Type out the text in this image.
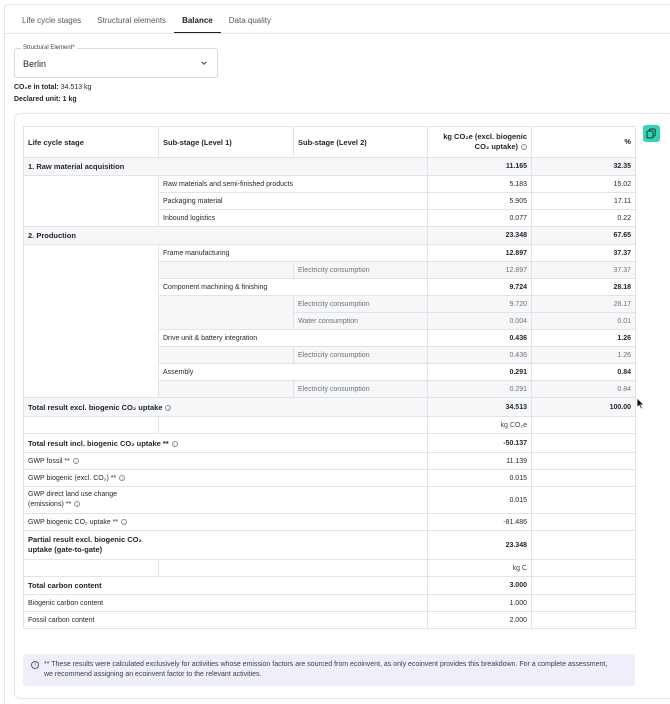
Life cycle stages	Structural elements	Balance	Data quality
Structural Element*
Berlin
CO₂e in total: 34.513 kg
Declared unit: 1 kg
Life cycle stage	Sub-stage (Level 1)	Sub-stage (Level 2)	kg CO₂e (excl. biogenic
CO₂ uptake) i	%
1. Raw material acquisition			11.165	32.35
	Raw materials and semi-finished products		5.183	15.02
	Packaging material		5.905	17.11
	Inbound logistics		0.077	0.22
2. Production			23.348	67.65
	Frame manufacturing		12.897	37.37
		Electricity consumption	12.897	37.37
	Component machining & finishing		9.724	28.18
		Electricity consumption	9.720	28.17
		Water consumption	0.004	0.01
	Drive unit & battery integration		0.436	1.26
		Electricity consumption	0.436	1.26
	Assembly		0.291	0.84
		Electricity consumption	0.291	0.84
Total result excl. biogenic CO₂ uptake i			34.513	100.00
			kg CO₂e	
Total result incl. biogenic CO₂ uptake ** i			-50.137	
GWP fossil ** i			11.139	
GWP biogenic (excl. CO₂) ** i			0.015	
GWP direct land use change
(emissions) ** i			0.015	
GWP biogenic CO₂ uptake ** i			-81.486	
Partial result excl. biogenic CO₂
uptake (gate-to-gate)			23.348	
			kg C	
Total carbon content			3.000	
Biogenic carbon content			1.000	
Fossil carbon content			2.000	
i	** These results were calculated exclusively for activities whose emission factors are sourced from ecoinvent, as only ecoinvent provides this breakdown. For a complete assessment,
we recommend assigning an ecoinvent factor to the relevant activities.
